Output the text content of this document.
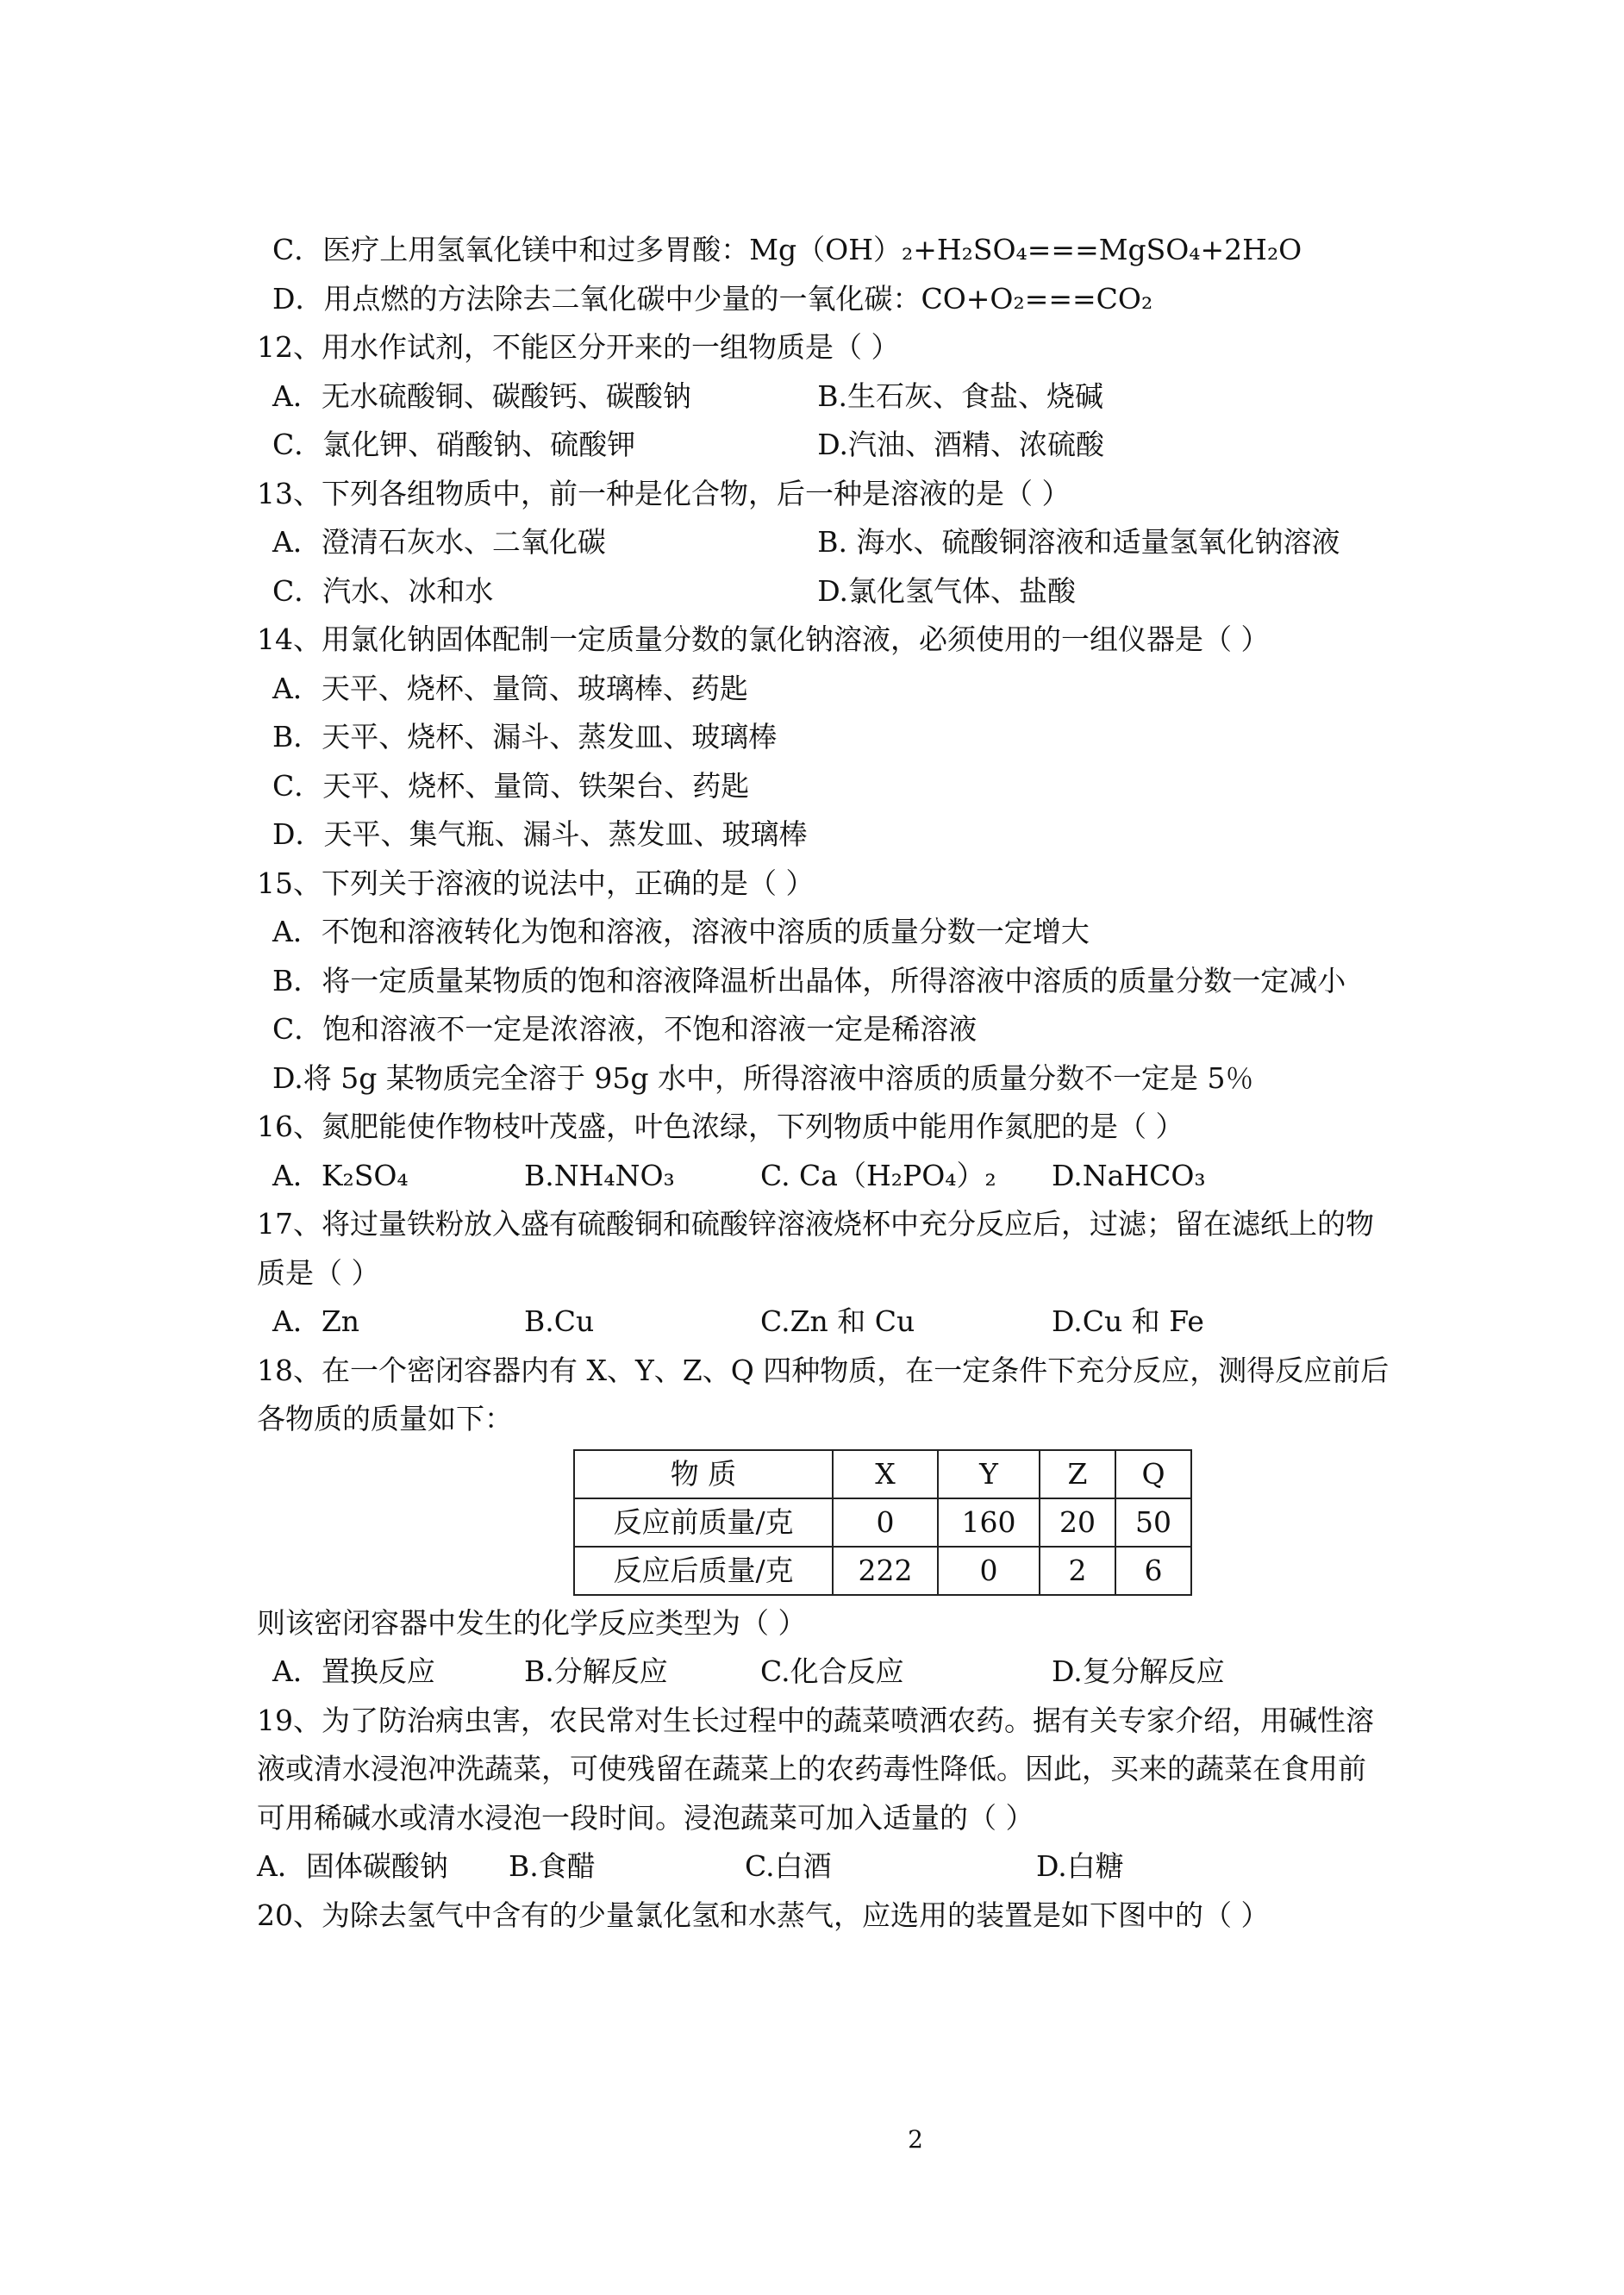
C．医疗上用氢氧化镁中和过多胃酸：Mg（OH）₂+H₂SO₄===MgSO₄+2H₂O
D．用点燃的方法除去二氧化碳中少量的一氧化碳：CO+O₂===CO₂
12、用水作试剂，不能区分开来的一组物质是（ ）
A．无水硫酸铜、碳酸钙、碳酸钠	B.生石灰、食盐、烧碱
C．氯化钾、硝酸钠、硫酸钾	D.汽油、酒精、浓硫酸
13、下列各组物质中，前一种是化合物，后一种是溶液的是（ ）
A．澄清石灰水、二氧化碳	B. 海水、硫酸铜溶液和适量氢氧化钠溶液
C．汽水、冰和水	D.氯化氢气体、盐酸
14、用氯化钠固体配制一定质量分数的氯化钠溶液，必须使用的一组仪器是（ ）
A．天平、烧杯、量筒、玻璃棒、药匙
B．天平、烧杯、漏斗、蒸发皿、玻璃棒
C．天平、烧杯、量筒、铁架台、药匙
D．天平、集气瓶、漏斗、蒸发皿、玻璃棒
15、下列关于溶液的说法中，正确的是（ ）
A．不饱和溶液转化为饱和溶液，溶液中溶质的质量分数一定增大
B．将一定质量某物质的饱和溶液降温析出晶体，所得溶液中溶质的质量分数一定减小
C．饱和溶液不一定是浓溶液，不饱和溶液一定是稀溶液
D.将 5g 某物质完全溶于 95g 水中，所得溶液中溶质的质量分数不一定是 5％
16、氮肥能使作物枝叶茂盛，叶色浓绿，下列物质中能用作氮肥的是（ ）
A．K₂SO₄	B.NH₄NO₃	C. Ca（H₂PO₄）₂	D.NaHCO₃
17、将过量铁粉放入盛有硫酸铜和硫酸锌溶液烧杯中充分反应后，过滤；留在滤纸上的物
质是（ ）
A．Zn	B.Cu	C.Zn 和 Cu	D.Cu 和 Fe
18、在一个密闭容器内有 X、Y、Z、Q 四种物质，在一定条件下充分反应，测得反应前后
各物质的质量如下：
物 质	X	Y	Z	Q
反应前质量/克	0	160	20	50
反应后质量/克	222	0	2	6
则该密闭容器中发生的化学反应类型为（ ）
A．置换反应	B.分解反应	C.化合反应	D.复分解反应
19、为了防治病虫害，农民常对生长过程中的蔬菜喷洒农药。据有关专家介绍，用碱性溶
液或清水浸泡冲洗蔬菜，可使残留在蔬菜上的农药毒性降低。因此，买来的蔬菜在食用前
可用稀碱水或清水浸泡一段时间。浸泡蔬菜可加入适量的（ ）
A．固体碳酸钠	B.食醋	C.白酒	D.白糖
20、为除去氢气中含有的少量氯化氢和水蒸气，应选用的装置是如下图中的（ ）
2
